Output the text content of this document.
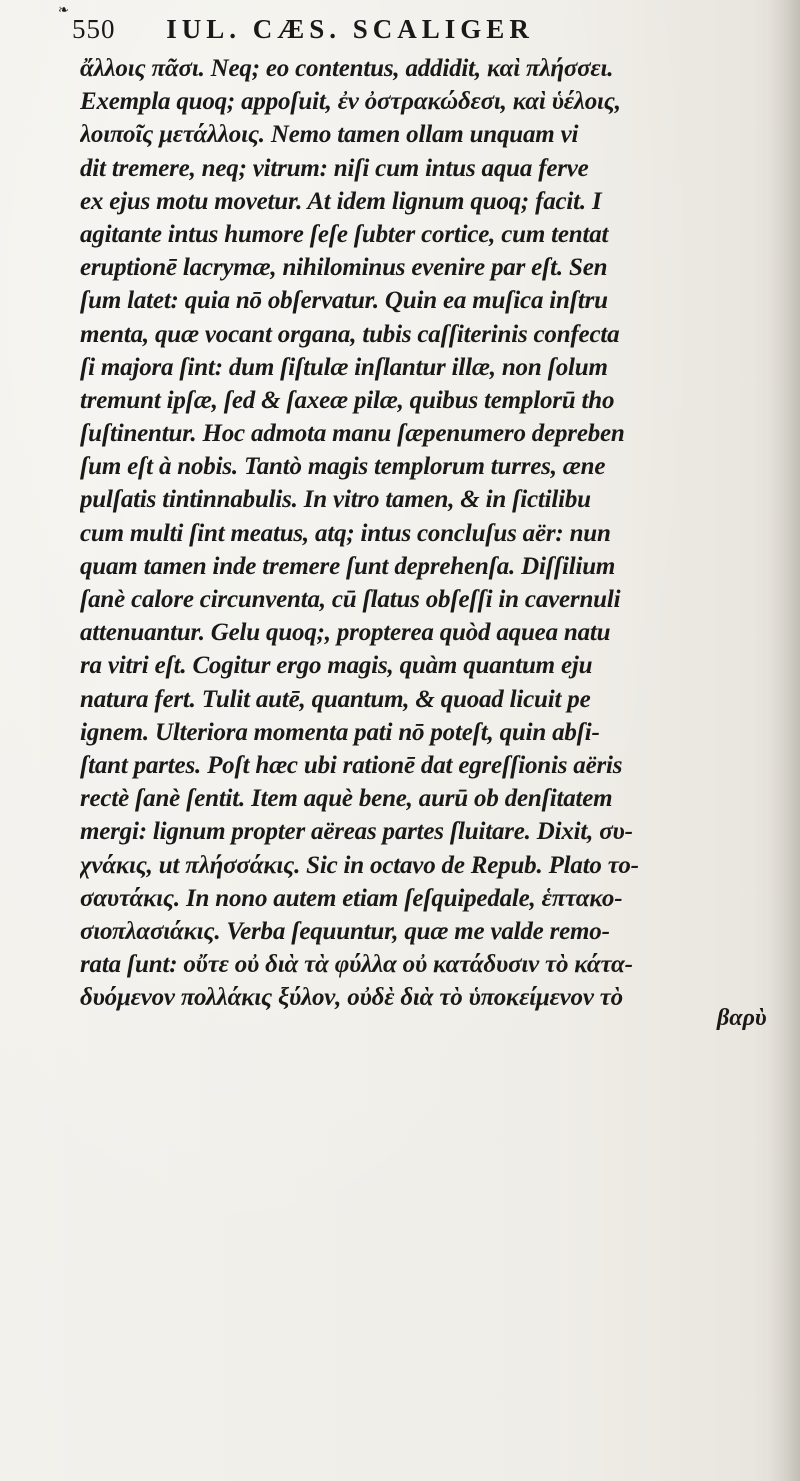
❧
550 IUL. CÆS. SCALIGER
ἄλλοις πᾶσι. Neq; eo contentus, addidit, καὶ πλήσσει.
Exempla quoq; appoſuit, ἐν ὀστρακώδεσι, καὶ ὑέλοις,
λοιποῖς μετάλλοις. Nemo tamen ollam unquam vi
dit tremere, neq; vitrum: niſi cum intus aqua ferve
ex ejus motu movetur. At idem lignum quoq; facit. I
agitante intus humore ſeſe ſubter cortice, cum tentat
eruptionē lacrymæ, nihilominus evenire par eſt. Sen
ſum latet: quia nō obſervatur. Quin ea muſica inſtru
menta, quæ vocant organa, tubis caſſiterinis confecta
ſi majora ſint: dum ſiſtulæ inſlantur illæ, non ſolum
tremunt ipſæ, ſed & ſaxeæ pilæ, quibus templorū tho
ſuſtinentur. Hoc admota manu ſæpenumero depreben
ſum eſt à nobis. Tantò magis templorum turres, æne
pulſatis tintinnabulis. In vitro tamen, & in ſictilibu
cum multi ſint meatus, atq; intus concluſus aër: nun
quam tamen inde tremere ſunt deprehenſa. Diſſilium
ſanè calore circunventa, cū ſlatus obſeſſi in cavernuli
attenuantur. Gelu quoq;, propterea quòd aquea natu
ra vitri eſt. Cogitur ergo magis, quàm quantum eju
natura fert. Tulit autē, quantum, & quoad licuit pe
ignem. Ulteriora momenta pati nō poteſt, quin abſi-
ſtant partes. Poſt hæc ubi rationē dat egreſſionis aëris
rectè ſanè ſentit. Item aquè bene, aurū ob denſitatem
mergi: lignum propter aëreas partes ſluitare. Dixit, συ-
χνάκις, ut πλήσσάκις. Sic in octavo de Repub. Plato το-
σαυτάκις. In nono autem etiam ſeſquipedale, ἑπτακο-
σιοπλασιάκις. Verba ſequuntur, quæ me valde remo-
rata ſunt: οὔτε οὐ διὰ τὰ φύλλα οὐ κατάδυσιν τὸ κάτα-
δυόμενον πολλάκις ξύλον, οὐδὲ διὰ τὸ ὑποκείμενον τὸ
βαρὺ
